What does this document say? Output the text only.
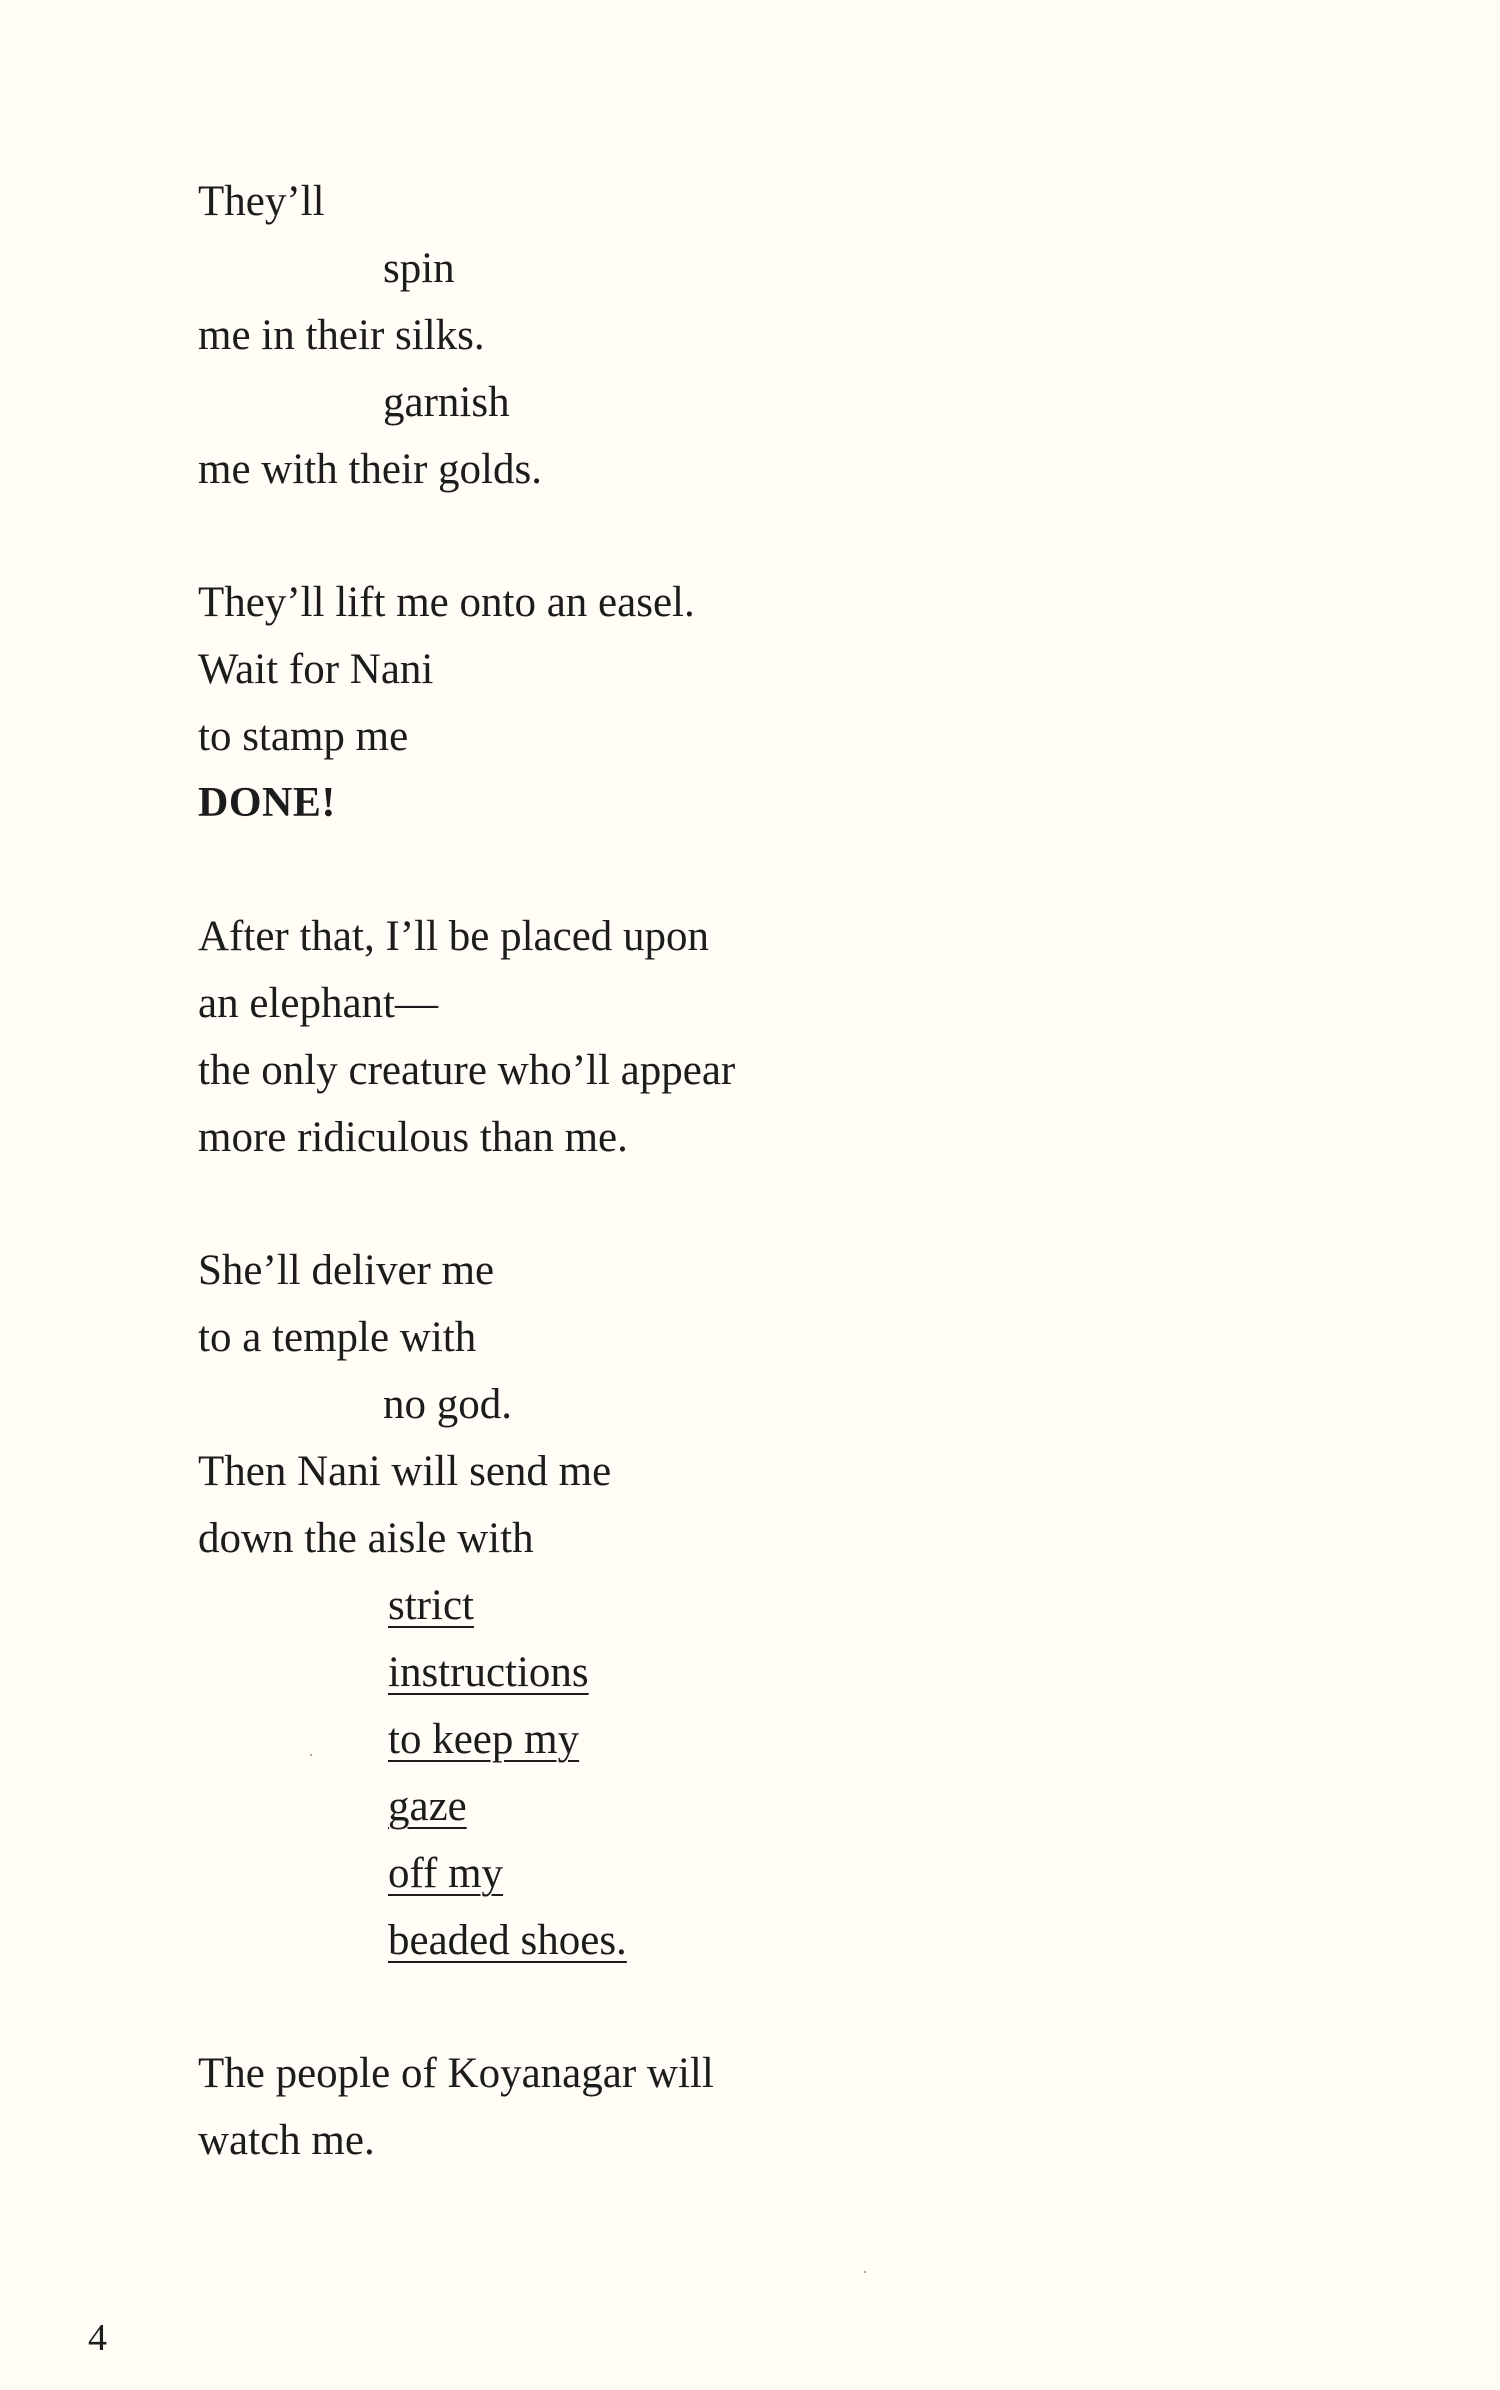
They’ll
spin
me in their silks.
garnish
me with their golds.
They’ll lift me onto an easel.
Wait for Nani
to stamp me
DONE!
After that, I’ll be placed upon
an elephant—
the only creature who’ll appear
more ridiculous than me.
She’ll deliver me
to a temple with
no god.
Then Nani will send me
down the aisle with
strict
instructions
to keep my
gaze
off my
beaded shoes.
The people of Koyanagar will
watch me.
·
·
4
